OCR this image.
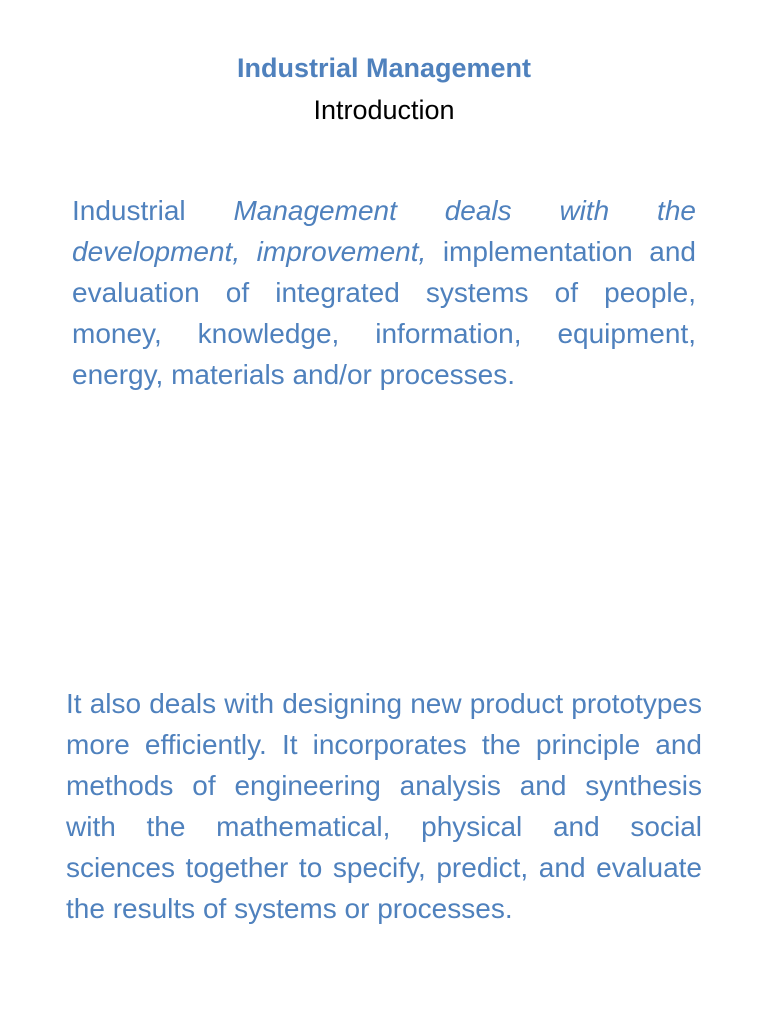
Industrial Management
Introduction
Industrial Management deals with the development, improvement, implementation and evaluation of integrated systems of people, money, knowledge, information, equipment, energy, materials and/or processes.
It also deals with designing new product prototypes more efficiently. It incorporates the principle and methods of engineering analysis and synthesis with the mathematical, physical and social sciences together to specify, predict, and evaluate the results of systems or processes.
